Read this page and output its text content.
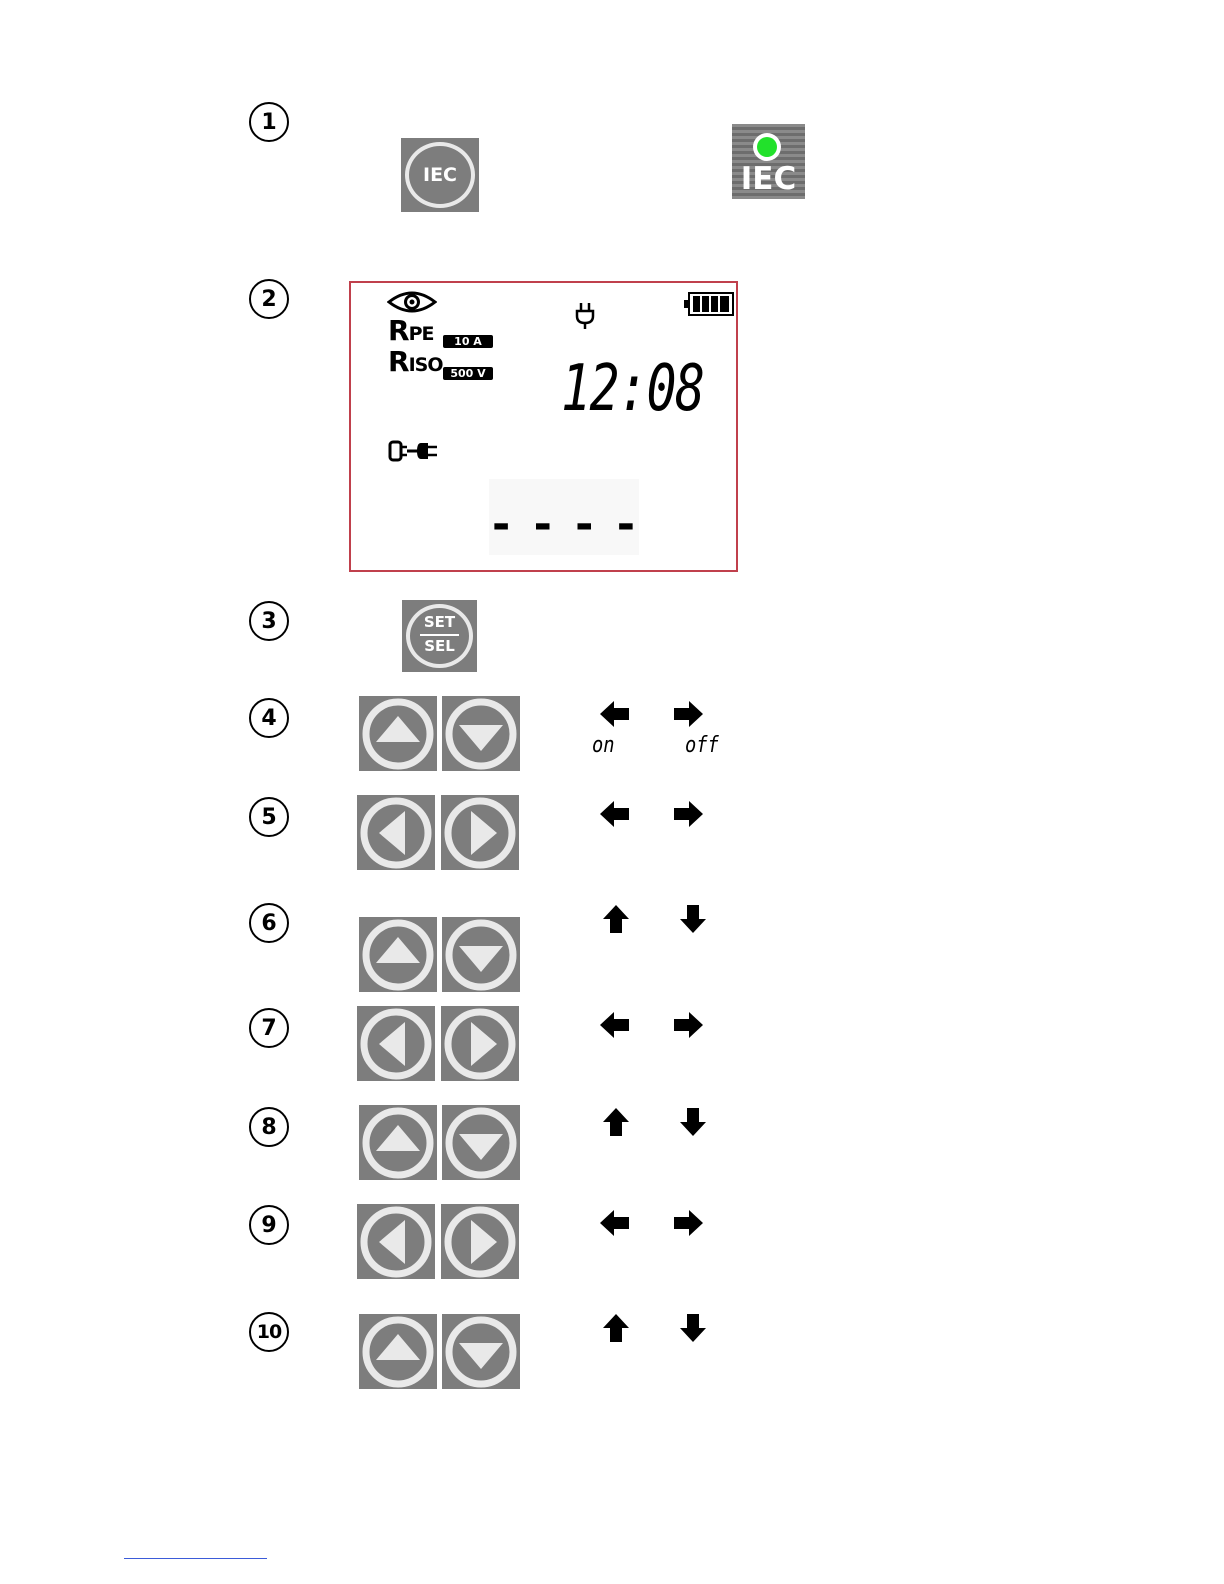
1
2
3
4
5
6
7
8
9
10
IEC	IEC
RPE	10 A
RISO 500 V 12:08
- - - -
SET
SEL
on	off
